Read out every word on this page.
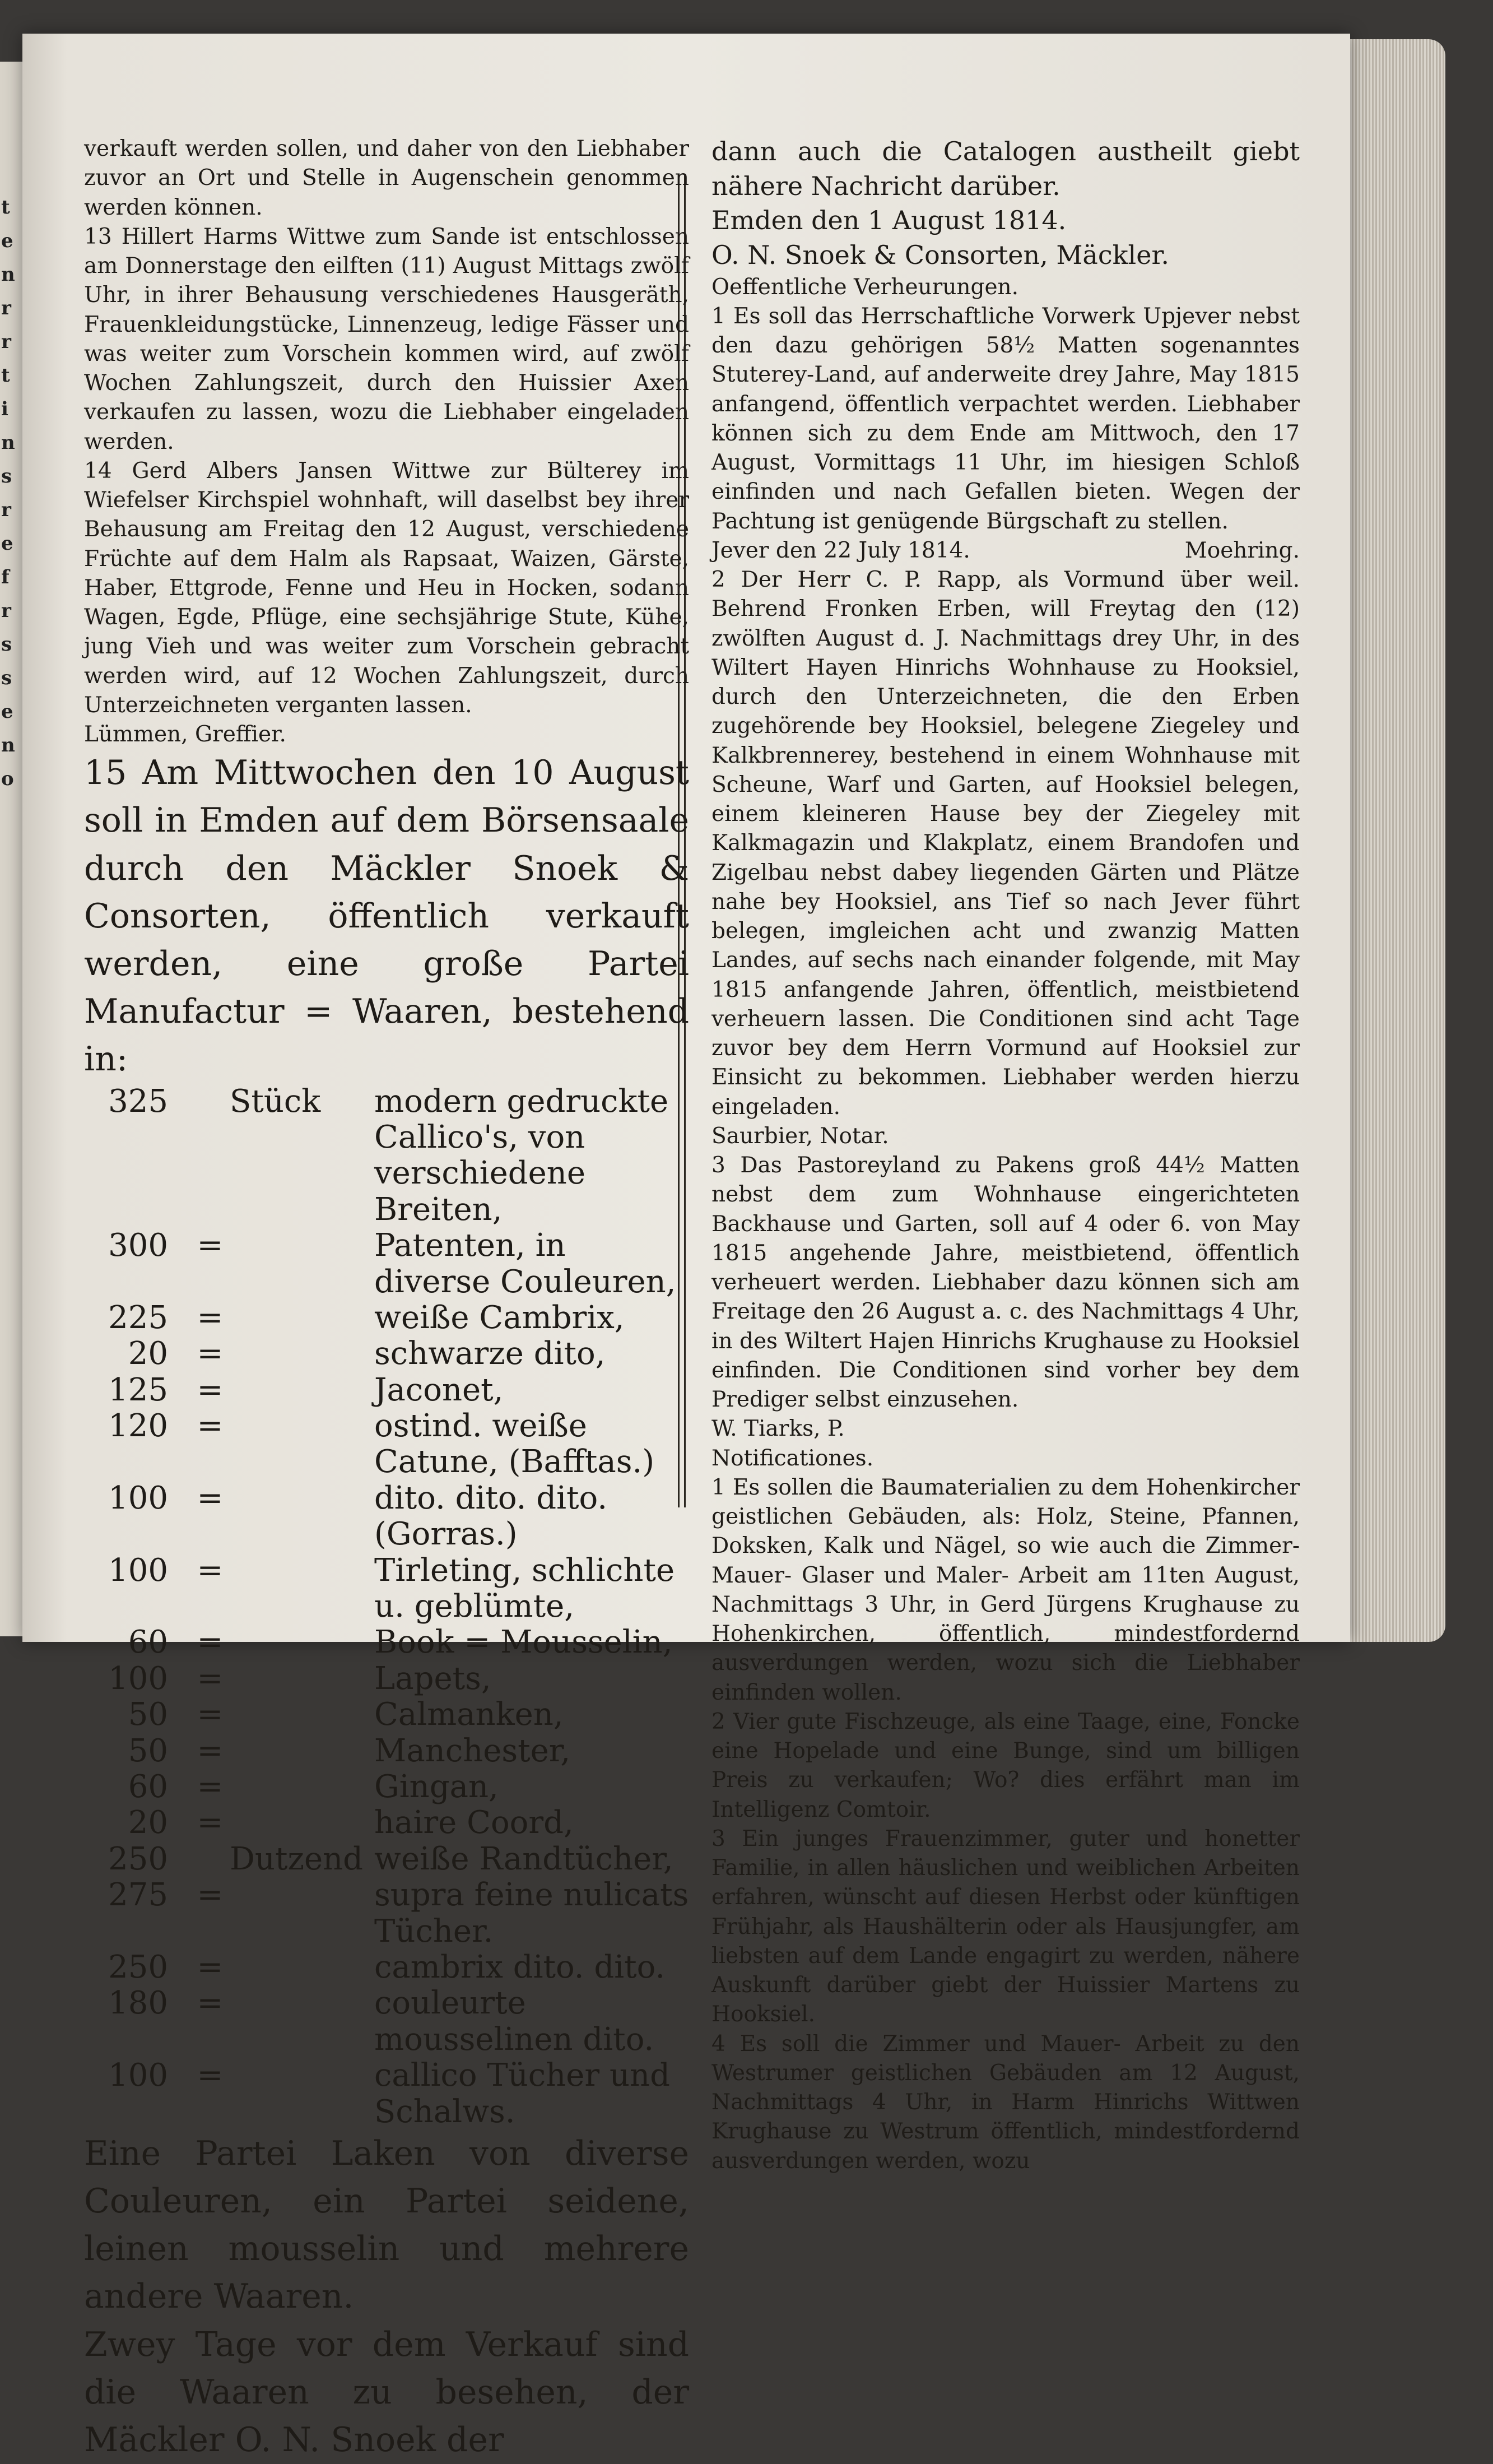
t
e
n
r
r
t
i
n
s
r
e
f
r
s
s
e
n
o

verkauft werden sollen, und daher von den Liebhaber zuvor an Ort und Stelle in Augenschein genommen werden können.

13 Hillert Harms Wittwe zum Sande ist entschlossen am Donnerstage den eilften (11) August Mittags zwölf Uhr, in ihrer Behausung verschiedenes Hausgeräth, Frauenkleidungstücke, Linnenzeug, ledige Fässer und was weiter zum Vorschein kommen wird, auf zwölf Wochen Zahlungszeit, durch den Huissier Axen verkaufen zu lassen, wozu die Liebhaber eingeladen werden.

14 Gerd Albers Jansen Wittwe zur Bülterey im Wiefelser Kirchspiel wohnhaft, will daselbst bey ihrer Behausung am Freitag den 12 August, verschiedene Früchte auf dem Halm als Rapsaat, Waizen, Gärste, Haber, Ettgrode, Fenne und Heu in Hocken, sodann Wagen, Egde, Pflüge, eine sechsjährige Stute, Kühe, jung Vieh und was weiter zum Vorschein gebracht werden wird, auf 12 Wochen Zahlungszeit, durch Unterzeichneten verganten lassen.

Lümmen, Greffier.

15 Am Mittwochen den 10 August soll in Emden auf dem Börsensaale durch den Mäckler Snoek & Consorten, öffentlich verkauft werden, eine große Partei Manufactur = Waaren, bestehend in:

325		Stück	modern gedruckte Callico's, von
			verschiedene Breiten,
300	=		Patenten, in diverse Couleuren,
225	=		weiße Cambrix,
20	=		schwarze dito,
125	=		Jaconet,
120	=		ostind. weiße Catune, (Bafftas.)
100	=		dito. dito. dito. (Gorras.)
100	=		Tirleting, schlichte u. geblümte,
60	=		Book = Mousselin,
100	=		Lapets,
50	=		Calmanken,
50	=		Manchester,
60	=		Gingan,
20	=		haire Coord,
250		Dutzend	weiße Randtücher,
275	=		supra feine nulicats Tücher.
250	=		cambrix dito. dito.
180	=		couleurte mousselinen dito.
100	=		callico Tücher und Schalws.

Eine Partei Laken von diverse Couleuren, ein Partei seidene, leinen mousselin und mehrere andere Waaren.

Zwey Tage vor dem Verkauf sind die Waaren zu besehen, der Mäckler O. N. Snoek der

dann auch die Catalogen austheilt giebt nähere Nachricht darüber.

Emden den 1 August 1814.

O. N. Snoek & Consorten, Mäckler.

Oeffentliche Verheurungen.

1 Es soll das Herrschaftliche Vorwerk Upjever nebst den dazu gehörigen 58½ Matten sogenanntes Stuterey-Land, auf anderweite drey Jahre, May 1815 anfangend, öffentlich verpachtet werden. Liebhaber können sich zu dem Ende am Mittwoch, den 17 August, Vormittags 11 Uhr, im hiesigen Schloß einfinden und nach Gefallen bieten. Wegen der Pachtung ist genügende Bürgschaft zu stellen.

Jever den 22 July 1814.	Moehring.

2 Der Herr C. P. Rapp, als Vormund über weil. Behrend Fronken Erben, will Freytag den (12) zwölften August d. J. Nachmittags drey Uhr, in des Wiltert Hayen Hinrichs Wohnhause zu Hooksiel, durch den Unterzeichneten, die den Erben zugehörende bey Hooksiel, belegene Ziegeley und Kalkbrennerey, bestehend in einem Wohnhause mit Scheune, Warf und Garten, auf Hooksiel belegen, einem kleineren Hause bey der Ziegeley mit Kalkmagazin und Klakplatz, einem Brandofen und Zigelbau nebst dabey liegenden Gärten und Plätze nahe bey Hooksiel, ans Tief so nach Jever führt belegen, imgleichen acht und zwanzig Matten Landes, auf sechs nach einander folgende, mit May 1815 anfangende Jahren, öffentlich, meistbietend verheuern lassen. Die Conditionen sind acht Tage zuvor bey dem Herrn Vormund auf Hooksiel zur Einsicht zu bekommen. Liebhaber werden hierzu eingeladen.

Saurbier, Notar.

3 Das Pastoreyland zu Pakens groß 44½ Matten nebst dem zum Wohnhause eingerichteten Backhause und Garten, soll auf 4 oder 6. von May 1815 angehende Jahre, meistbietend, öffentlich verheuert werden. Liebhaber dazu können sich am Freitage den 26 August a. c. des Nachmittags 4 Uhr, in des Wiltert Hajen Hinrichs Krughause zu Hooksiel einfinden. Die Conditionen sind vorher bey dem Prediger selbst einzusehen.

W. Tiarks, P.

Notificationes.

1 Es sollen die Baumaterialien zu dem Hohenkircher geistlichen Gebäuden, als: Holz, Steine, Pfannen, Doksken, Kalk und Nägel, so wie auch die Zimmer- Mauer- Glaser und Maler- Arbeit am 11ten August, Nachmittags 3 Uhr, in Gerd Jürgens Krughause zu Hohenkirchen, öffentlich, mindestfordernd ausverdungen werden, wozu sich die Liebhaber einfinden wollen.

2 Vier gute Fischzeuge, als eine Taage, eine, Foncke eine Hopelade und eine Bunge, sind um billigen Preis zu verkaufen; Wo? dies erfährt man im Intelligenz Comtoir.

3 Ein junges Frauenzimmer, guter und honetter Familie, in allen häuslichen und weiblichen Arbeiten erfahren, wünscht auf diesen Herbst oder künftigen Frühjahr, als Haushälterin oder als Hausjungfer, am liebsten auf dem Lande engagirt zu werden, nähere Auskunft darüber giebt der Huissier Martens zu Hooksiel.

4 Es soll die Zimmer und Mauer- Arbeit zu den Westrumer geistlichen Gebäuden am 12 August, Nachmittags 4 Uhr, in Harm Hinrichs Wittwen Krughause zu Westrum öffentlich, mindestfordernd ausverdungen werden, wozu
